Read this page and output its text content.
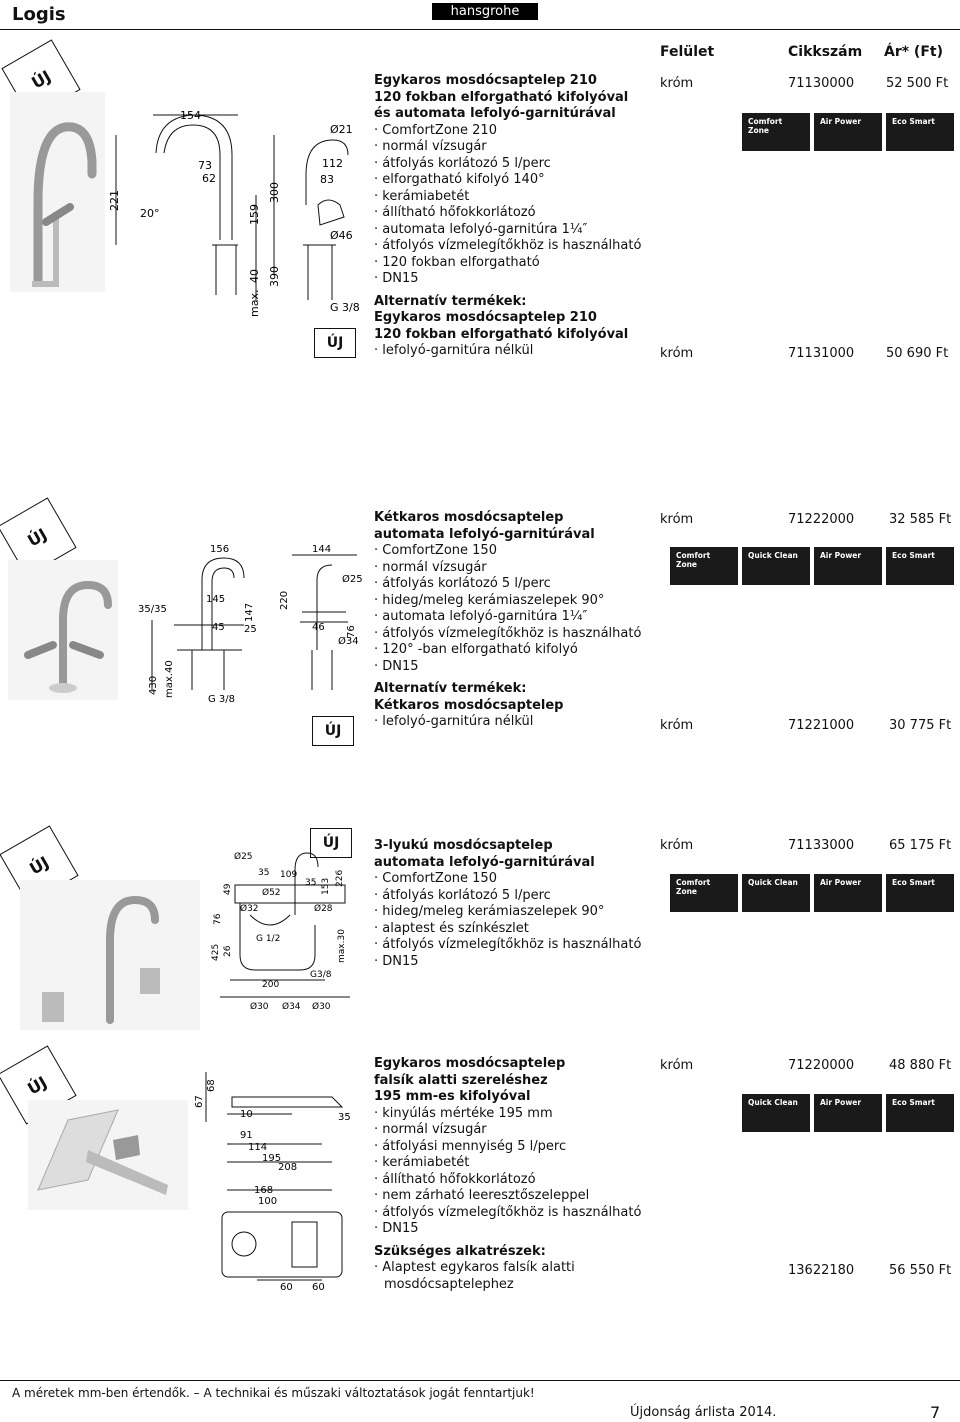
Logis	hansgrohe
Felület	Cikkszám Ár* (Ft)
ÚJ
154
73
62
221
20°	159
300
40 390
max.
Ø21
112
83
Ø46
G 3/8
ÚJ
Egykaros mosdócsaptelep 210
120 fokban elforgatható kifolyóval
és automata lefolyó-garnitúrával
· ComfortZone 210
· normál vízsugár
· átfolyás korlátozó 5 l/perc
· elforgatható kifolyó 140°
· kerámiabetét
· állítható hőfokkorlátozó
· automata lefolyó-garnitúra 1¼″
· átfolyós vízmelegítőkhöz is használható
· 120 fokban elforgatható
· DN15
Alternatív termékek:
Egykaros mosdócsaptelep 210
120 fokban elforgatható kifolyóval
· lefolyó-garnitúra nélkül
króm	71130000 52 500 Ft
Comfort Zone
Air Power	Eco Smart
króm	71131000 50 690 Ft
ÚJ	156
145
45 25
147
220
35/35
430 max.40
G 3/8
144
Ø25
46 76
Ø34
ÚJ
Kétkaros mosdócsaptelep
automata lefolyó-garnitúrával
· ComfortZone 150
· normál vízsugár
· átfolyás korlátozó 5 l/perc
· hideg/meleg kerámiaszelepek 90°
· automata lefolyó-garnitúra 1¼″
· átfolyós vízmelegítőkhöz is használható
· 120° -ban elforgatható kifolyó
· DN15
Alternatív termékek:
Kétkaros mosdócsaptelep
· lefolyó-garnitúra nélkül
króm	71222000	32 585 Ft
Comfort Zone
Quick Clean	Air Power	Eco Smart
króm	71221000	30 775 Ft
ÚJ	Ø25
109
35
35 153 226
Ø52
49
76
425 26
Ø32	Ø28
G 1/2	max.30
G3/8
200
Ø30 Ø34 Ø30
ÚJ	3-lyukú mosdócsaptelep
automata lefolyó-garnitúrával
· ComfortZone 150
· átfolyás korlátozó 5 l/perc
· hideg/meleg kerámiaszelepek 90°
· alaptest és színkészlet
· átfolyós vízmelegítőkhöz is használható
· DN15
króm	71133000	65 175 Ft
Comfort Zone
Quick Clean	Air Power	Eco Smart
ÚJ
67
68
10	35
91
114
195
208
168
100
60 60
Egykaros mosdócsaptelep
falsík alatti szereléshez
195 mm-es kifolyóval
· kinyúlás mértéke 195 mm
· normál vízsugár
· átfolyási mennyiség 5 l/perc
· kerámiabetét
· állítható hőfokkorlátozó
· nem zárható leeresztőszeleppel
· átfolyós vízmelegítőkhöz is használható
· DN15
Szükséges alkatrészek:
· Alaptest egykaros falsík alatti
mosdócsaptelephez
króm	71220000	48 880 Ft
Quick Clean	Air Power	Eco Smart
13622180	56 550 Ft
A méretek mm-ben értendők. – A technikai és műszaki változtatások jogát fenntartjuk!
Újdonság árlista 2014.	7
